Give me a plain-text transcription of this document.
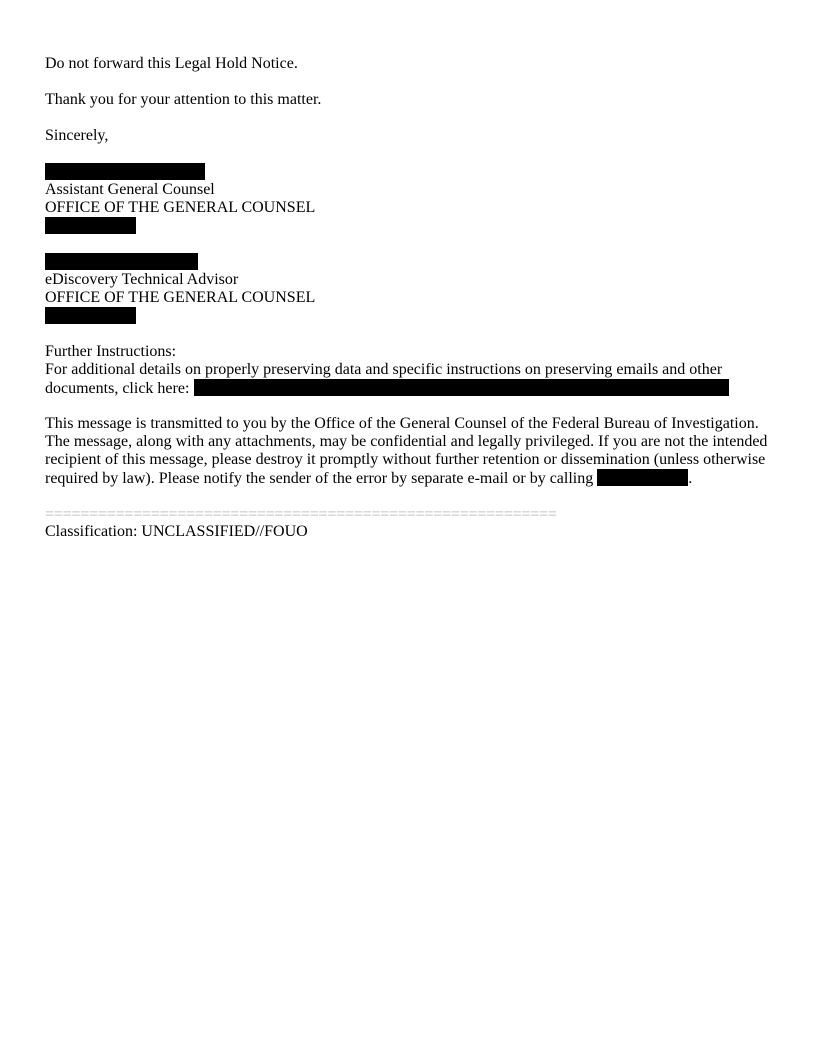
Do not forward this Legal Hold Notice.
Thank you for your attention to this matter.
Sincerely,
Assistant General Counsel
OFFICE OF THE GENERAL COUNSEL
eDiscovery Technical Advisor
OFFICE OF THE GENERAL COUNSEL
Further Instructions:
For additional details on properly preserving data and specific instructions on preserving emails and other
documents, click here:
This message is transmitted to you by the Office of the General Counsel of the Federal Bureau of Investigation.
The message, along with any attachments, may be confidential and legally privileged. If you are not the intended
recipient of this message, please destroy it promptly without further retention or dissemination (unless otherwise
required by law). Please notify the sender of the error by separate e-mail or by calling	.
==========================================================
Classification: UNCLASSIFIED//FOUO
